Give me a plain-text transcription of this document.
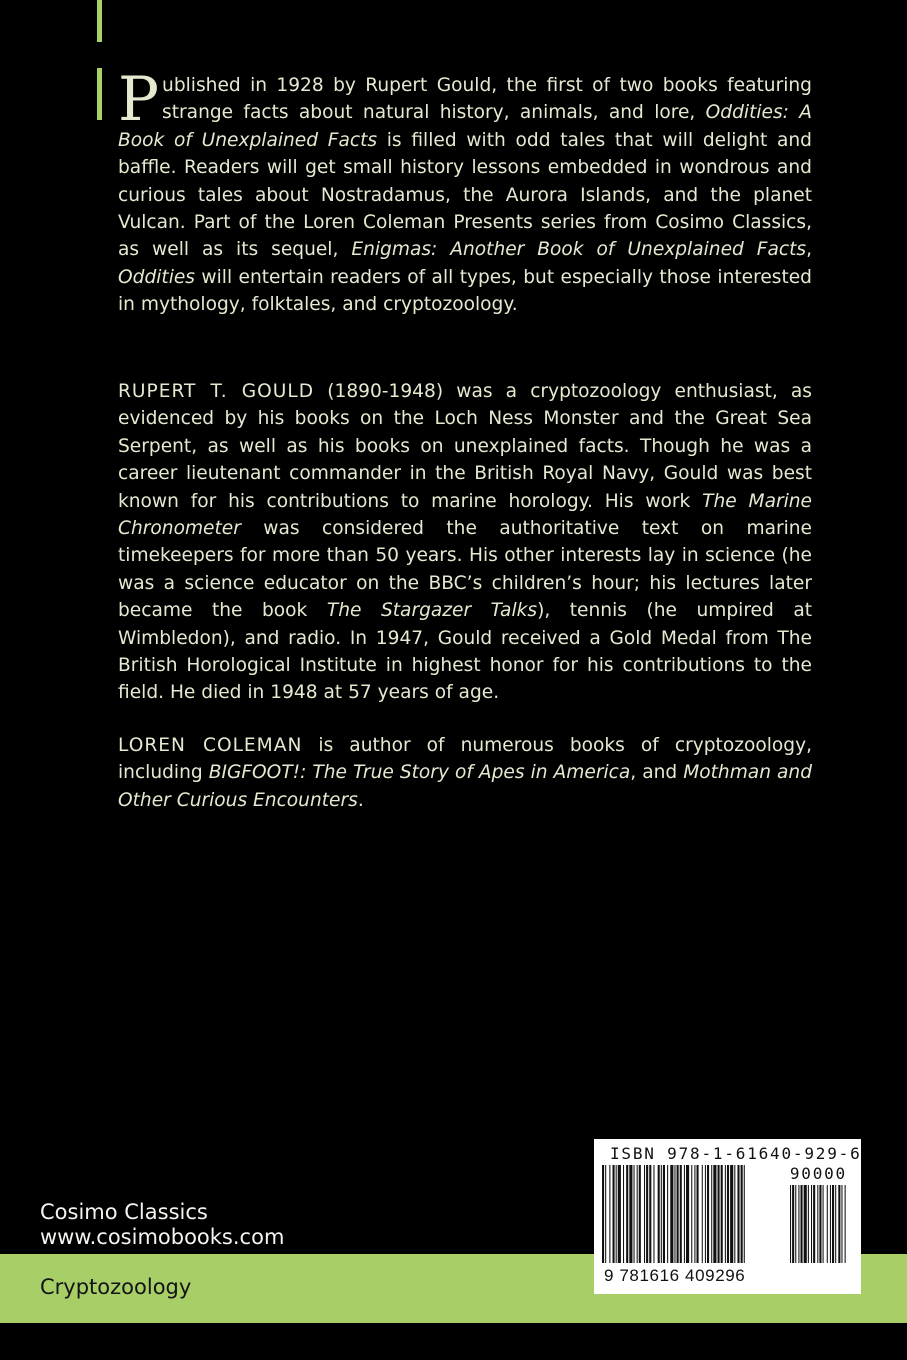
Published in 1928 by Rupert Gould, the first of two books featuring strange facts about natural history, animals, and lore, Oddities: A Book of Unexplained Facts is filled with odd tales that will delight and baffle. Readers will get small history lessons embedded in wondrous and curious tales about Nostradamus, the Aurora Islands, and the planet Vulcan. Part of the Loren Coleman Presents series from Cosimo Classics, as well as its sequel, Enigmas: Another Book of Unexplained Facts, Oddities will entertain readers of all types, but especially those interested in mythology, folktales, and cryptozoology.
RUPERT T. GOULD (1890-1948) was a cryptozoology enthusiast, as evidenced by his books on the Loch Ness Monster and the Great Sea Serpent, as well as his books on unexplained facts. Though he was a career lieutenant commander in the British Royal Navy, Gould was best known for his contributions to marine horology. His work The Marine Chronometer was considered the authoritative text on marine timekeepers for more than 50 years. His other interests lay in science (he was a science educator on the BBC’s children’s hour; his lectures later became the book The Stargazer Talks), tennis (he umpired at Wimbledon), and radio. In 1947, Gould received a Gold Medal from The British Horological Institute in highest honor for his contributions to the field. He died in 1948 at 57 years of age.
LOREN COLEMAN is author of numerous books of cryptozoology, including BIGFOOT!: The True Story of Apes in America, and Mothman and Other Curious Encounters.
Cosimo Classics
www.cosimobooks.com
Cryptozoology
ISBN 978-1-61640-929-6
90000
9 781616 409296
